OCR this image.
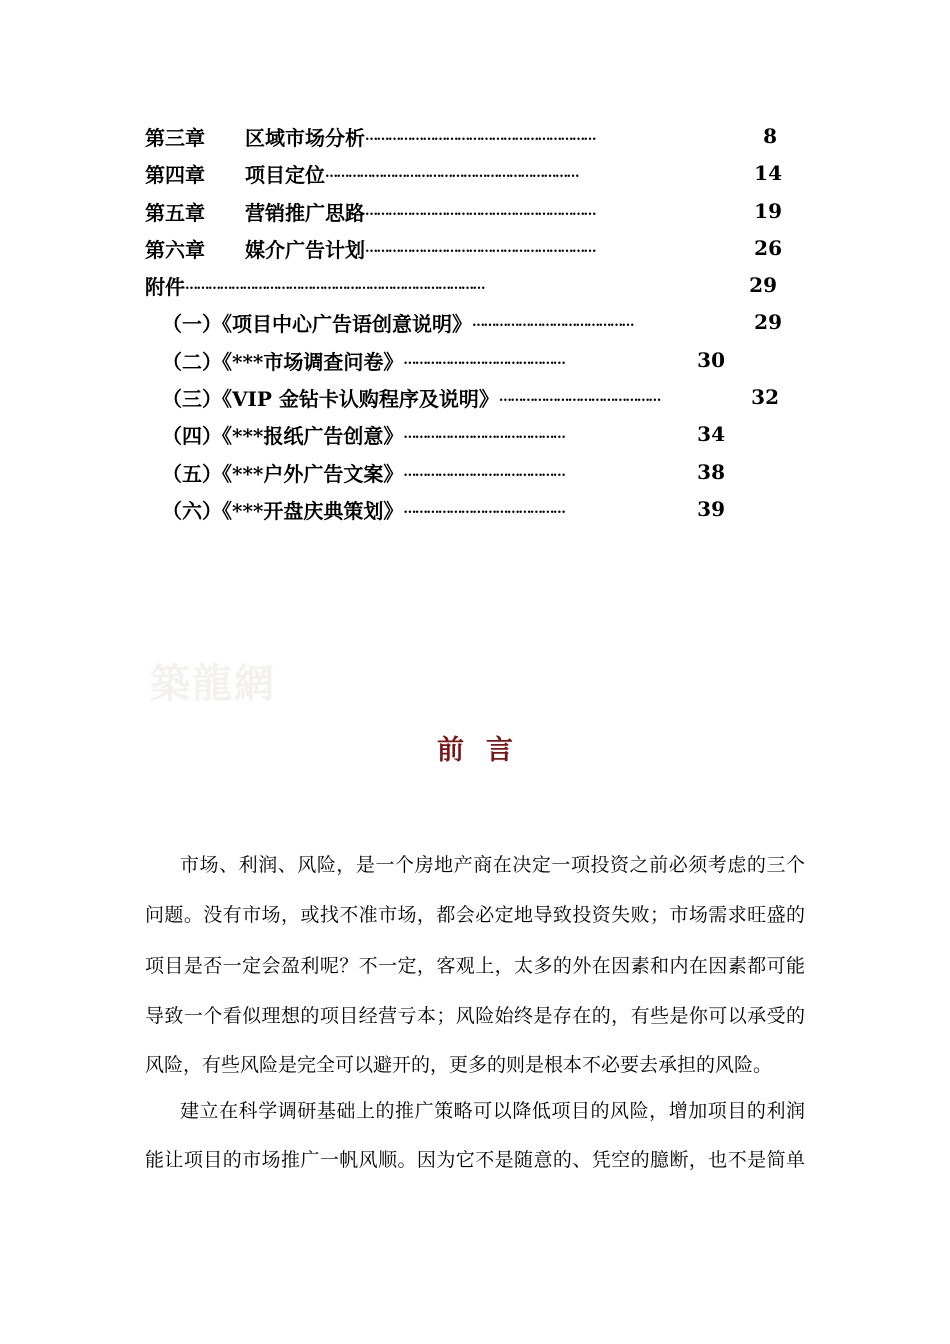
第三章	区域市场分析 ……………………………………………………	8
第四章	项目定位 …………………………………………………………	14
第五章	营销推广思路 ……………………………………………………	19
第六章	媒介广告计划 ……………………………………………………	26
附件 ……………………………………………………………………	29
（一）《项目中心广告语创意说明》 ……………………………………	29
（二）《***市场调查问卷》 ……………………………………	30
（三）《VIP 金钻卡认购程序及说明》 ……………………………………	32
（四）《***报纸广告创意》 ……………………………………	34
（五）《***户外广告文案》 ……………………………………	38
（六）《***开盘庆典策划》 ……………………………………	39
築龍網
前言
市场、利润、风险，是一个房地产商在决定一项投资之前必须考虑的三个
问题。没有市场，或找不准市场，都会必定地导致投资失败；市场需求旺盛的
项目是否一定会盈利呢？不一定，客观上，太多的外在因素和内在因素都可能
导致一个看似理想的项目经营亏本；风险始终是存在的，有些是你可以承受的
风险，有些风险是完全可以避开的，更多的则是根本不必要去承担的风险。
建立在科学调研基础上的推广策略可以降低项目的风险，增加项目的利润
能让项目的市场推广一帆风顺。因为它不是随意的、凭空的臆断，也不是简单
